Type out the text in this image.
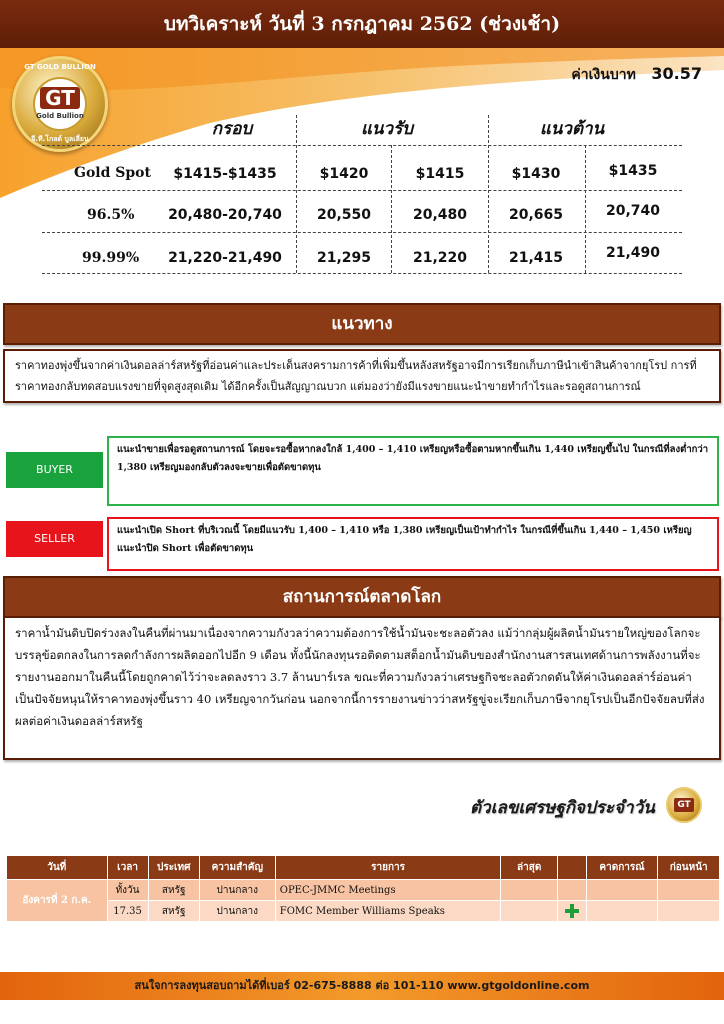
บทวิเคราะห์ วันที่ 3 กรกฎาคม 2562 (ช่วงเช้า)
GT GOLD BULLION
GT
Gold Bullion
จี.ที.โกลด์ บูลเลี่ยน
ค่าเงินบาท 30.57
กรอบ	แนวรับ	แนวต้าน
Gold Spot	$1415-$1435	$1420	$1415	$1430	$1435
96.5%	20,480-20,740	20,550	20,480	20,665	20,740
99.99%	21,220-21,490	21,295	21,220	21,415	21,490
แนวทาง
ราคาทองพุ่งขึ้นจากค่าเงินดอลล่าร์สหรัฐที่อ่อนค่าและประเด็นสงครามการค้าที่เพิ่มขึ้นหลังสหรัฐอาจมีการเรียกเก็บภาษีนำเข้าสินค้าจากยุโรป การที่ราคาทองกลับทดสอบแรงขายที่จุดสูงสุดเดิม ได้อีกครั้งเป็นสัญญาณบวก แต่มองว่ายังมีแรงขายแนะนำขายทำกำไรและรอดูสถานการณ์
BUYER
แนะนำขายเพื่อรอดูสถานการณ์ โดยจะรอซื้อหากลงใกล้ 1,400 – 1,410 เหรียญหรือซื้อตามหากขึ้นเกิน 1,440 เหรียญขึ้นไป ในกรณีที่ลงต่ำกว่า 1,380 เหรียญมองกลับตัวลงจะขายเพื่อตัดขาดทุน
SELLER
แนะนำเปิด Short ที่บริเวณนี้ โดยมีแนวรับ 1,400 – 1,410 หรือ 1,380 เหรียญเป็นเป้าทำกำไร ในกรณีที่ขึ้นเกิน 1,440 – 1,450 เหรียญแนะนำปิด Short เพื่อตัดขาดทุน
สถานการณ์ตลาดโลก
ราคาน้ำมันดิบปิดร่วงลงในคืนที่ผ่านมาเนื่องจากความกังวลว่าความต้องการใช้น้ำมันจะชะลอตัวลง แม้ว่ากลุ่มผู้ผลิตน้ำมันรายใหญ่ของโลกจะบรรลุข้อตกลงในการลดกำลังการผลิตออกไปอีก 9 เดือน ทั้งนี้นักลงทุนรอติดตามสต็อกน้ำมันดิบของสำนักงานสารสนเทศด้านการพลังงานที่จะรายงานออกมาในคืนนี้โดยถูกคาดไว้ว่าจะลดลงราว 3.7 ล้านบาร์เรล ขณะที่ความกังวลว่าเศรษฐกิจชะลอตัวกดดันให้ค่าเงินดอลล่าร์อ่อนค่าเป็นปัจจัยหนุนให้ราคาทองพุ่งขึ้นราว 40 เหรียญจากวันก่อน นอกจากนี้การรายงานข่าวว่าสหรัฐขู่จะเรียกเก็บภาษีจากยุโรปเป็นอีกปัจจัยลบที่ส่งผลต่อค่าเงินดอลล่าร์สหรัฐ
ตัวเลขเศรษฐกิจประจำวัน	GT
วันที่	เวลา	ประเทศ	ความสำคัญ	รายการ	ล่าสุด		คาดการณ์	ก่อนหน้า
อังคารที่ 2 ก.ค.	ทั้งวัน	สหรัฐ	ปานกลาง	OPEC-JMMC Meetings				
	17.35	สหรัฐ	ปานกลาง	FOMC Member Williams Speaks				
สนใจการลงทุนสอบถามได้ที่เบอร์ 02-675-8888 ต่อ 101-110 www.gtgoldonline.com
